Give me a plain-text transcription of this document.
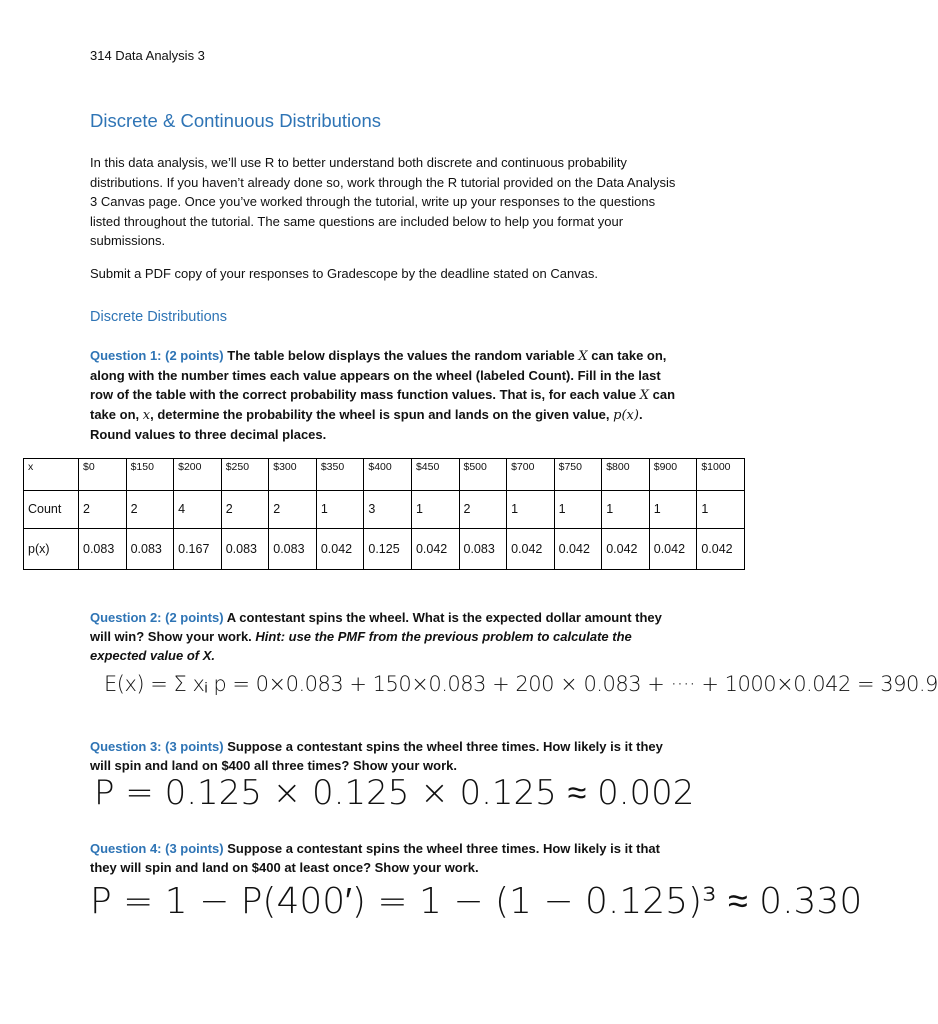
314 Data Analysis 3
Discrete & Continuous Distributions
In this data analysis, we’ll use R to better understand both discrete and continuous probability distributions. If you haven’t already done so, work through the R tutorial provided on the Data Analysis 3 Canvas page. Once you’ve worked through the tutorial, write up your responses to the questions listed throughout the tutorial. The same questions are included below to help you format your submissions.
Submit a PDF copy of your responses to Gradescope by the deadline stated on Canvas.
Discrete Distributions
Question 1: (2 points) The table below displays the values the random variable X can take on, along with the number times each value appears on the wheel (labeled Count). Fill in the last row of the table with the correct probability mass function values. That is, for each value X can take on, x, determine the probability the wheel is spun and lands on the given value, p(x). Round values to three decimal places.
x	$0	$150	$200	$250	$300	$350	$400	$450	$500	$700	$750	$800	$900	$1000
Count	2	2	4	2	2	1	3	1	2	1	1	1	1	1
p(x)	0.083	0.083	0.167	0.083	0.083	0.042	0.125	0.042	0.083	0.042	0.042	0.042	0.042	0.042
Question 2: (2 points) A contestant spins the wheel. What is the expected dollar amount they will win? Show your work. Hint: use the PMF from the previous problem to calculate the expected value of X.
E(x) = Σ xᵢ p = 0×0.083 + 150×0.083 + 200 × 0.083 + ···· + 1000×0.042 = 390.9
Question 3: (3 points) Suppose a contestant spins the wheel three times. How likely is it they will spin and land on $400 all three times? Show your work.
P = 0.125 × 0.125 × 0.125 ≈ 0.002
Question 4: (3 points) Suppose a contestant spins the wheel three times. How likely is it that they will spin and land on $400 at least once? Show your work.
P = 1 − P(400′) = 1 − (1 − 0.125)³ ≈ 0.330
